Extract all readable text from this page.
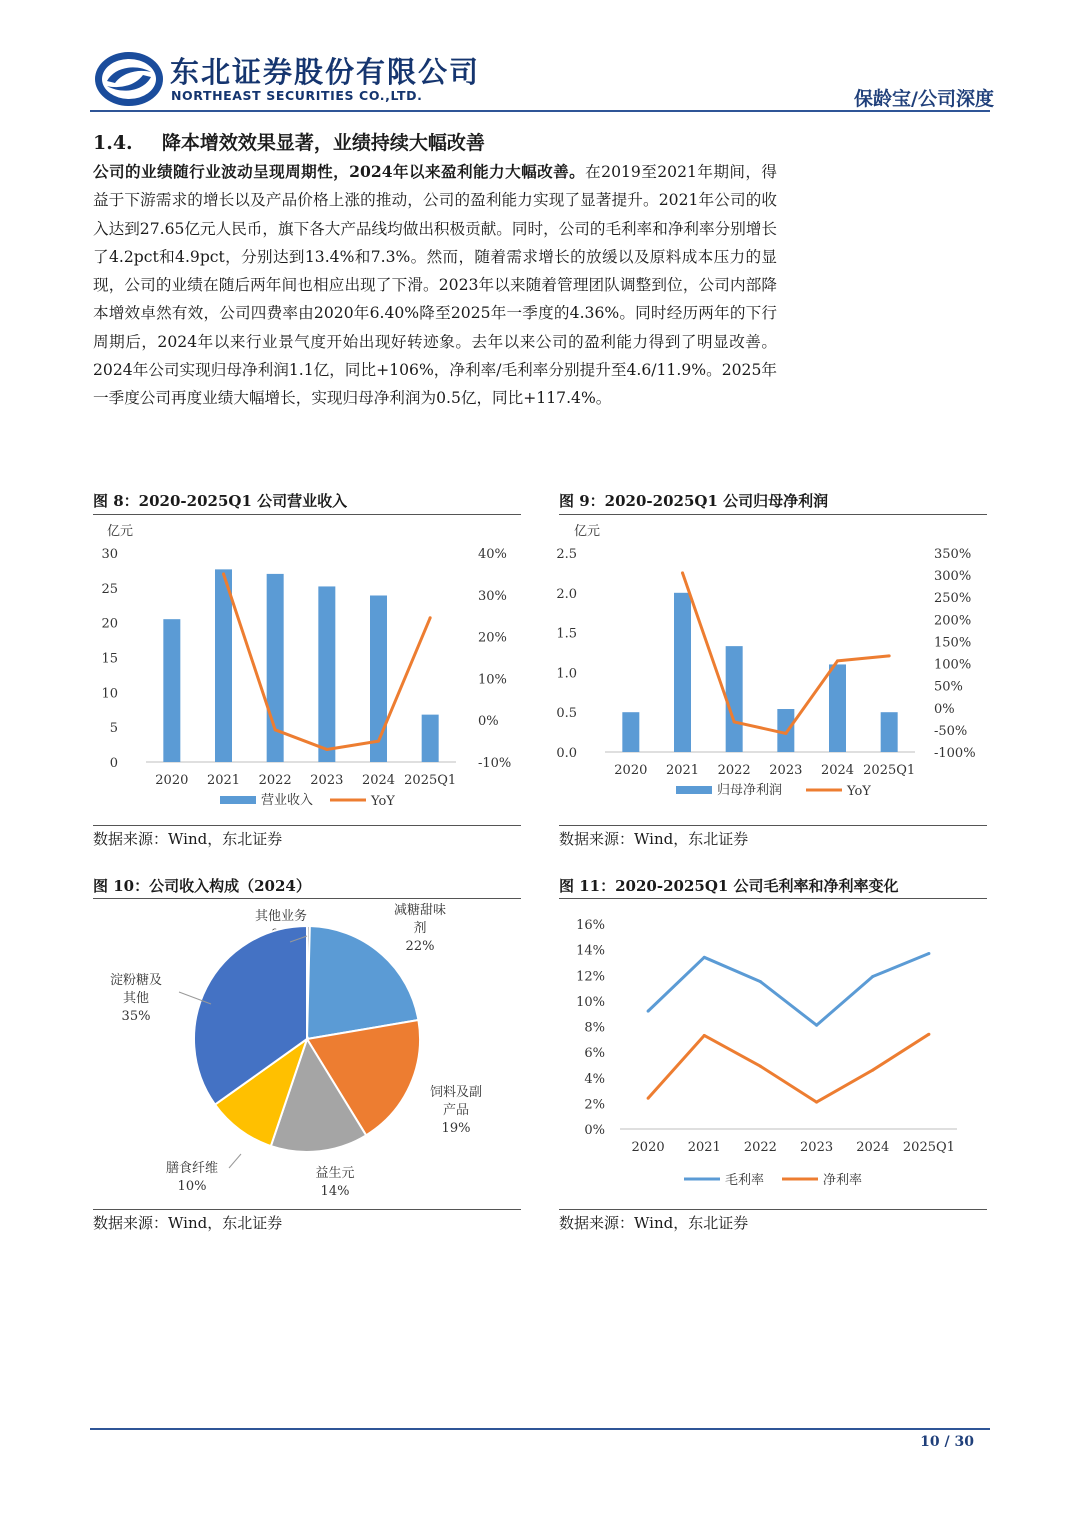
东北证券股份有限公司
NORTHEAST SECURITIES CO.,LTD.	保龄宝/公司深度
1.4. 降本增效效果显著，业绩持续大幅改善
公司的业绩随行业波动呈现周期性，2024年以来盈利能力大幅改善。在2019至2021年期间，得益于下游需求的增长以及产品价格上涨的推动，公司的盈利能力实现了显著提升。2021年公司的收入达到27.65亿元人民币，旗下各大产品线均做出积极贡献。同时，公司的毛利率和净利率分别增长了4.2pct和4.9pct，分别达到13.4%和7.3%。然而，随着需求增长的放缓以及原料成本压力的显现，公司的业绩在随后两年间也相应出现了下滑。2023年以来随着管理团队调整到位，公司内部降本增效卓然有效，公司四费率由2020年6.40%降至2025年一季度的4.36%。同时经历两年的下行周期后，2024年以来行业景气度开始出现好转迹象。去年以来公司的盈利能力得到了明显改善。2024年公司实现归母净利润1.1亿，同比+106%，净利率/毛利率分别提升至4.6/11.9%。2025年一季度公司再度业绩大幅增长，实现归母净利润为0.5亿，同比+117.4%。
图 8：2020-2025Q1 公司营业收入
亿元
0
5
10
15
20
25
30
-10%
0%
10%
20%
30%
40%
2020 2021 2022 2023 2024 2025Q1
营业收入	YoY
数据来源：Wind，东北证券
图 9：2020-2025Q1 公司归母净利润
亿元
0.0
0.5
1.0
1.5
2.0
2.5
-100%
-50%
0%
50%
100%
150%
200%
250%
300%
350%
2020 2021 2022 2023 2024 2025Q1
归母净利润	YoY
数据来源：Wind，东北证券
图 10：公司收入构成（2024）
其他业务	减糖甜味
剂
22%
饲料及副
产品
19%
益生元
14%
膳食纤维
10%
淀粉糖及
其他
35%
数据来源：Wind，东北证券
图 11：2020-2025Q1 公司毛利率和净利率变化
0%
2%
4%
6%
8%
10%
12%
14%
16%
2020 2021 2022 2023 2024 2025Q1
毛利率	净利率
数据来源：Wind，东北证券
10 / 30
